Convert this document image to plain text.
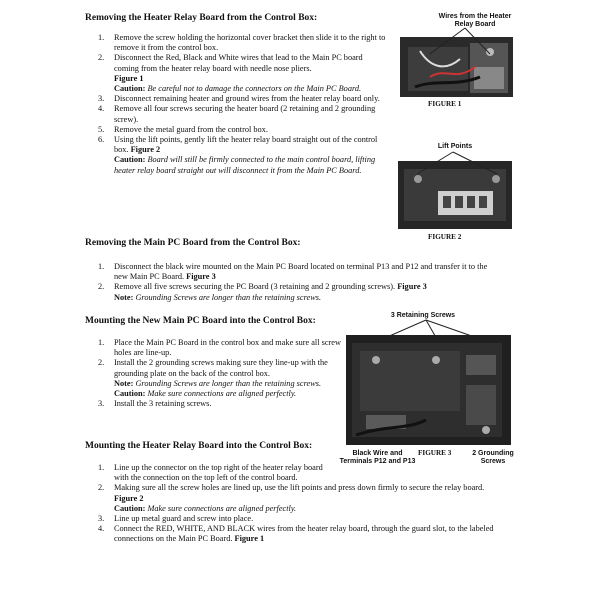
Removing the Heater Relay Board from the Control Box:
1.	Remove the screw holding the horizontal cover bracket then slide it to the right to remove it from the control box.
2.	Disconnect the Red, Black and White wires that lead to the Main PC board coming from the heater relay board with needle nose pliers.
Figure 1
Caution: Be careful not to damage the connectors on the Main PC Board.
3.	Disconnect remaining heater and ground wires from the heater relay board only.
4.	Remove all four screws securing the heater board (2 retaining and 2 grounding screw).
5.	Remove the metal guard from the control box.
6.	Using the lift points, gently lift the heater relay board straight out of the control box. Figure 2
Caution: Board will still be firmly connected to the main control board, lifting heater relay board straight out will disconnect it from the Main PC Board.
Wires from the Heater
Relay Board
FIGURE 1
Lift Points
FIGURE 2
Removing the Main PC Board from the Control Box:
1.	Disconnect the black wire mounted on the Main PC Board located on terminal P13 and P12 and transfer it to the new Main PC Board. Figure 3
2.	Remove all five screws securing the PC Board (3 retaining and 2 grounding screws). Figure 3
Note: Grounding Screws are longer than the retaining screws.
Mounting the New Main PC Board into the Control Box:
1.	Place the Main PC Board in the control box and make sure all screw holes are line-up.
2.	Install the 2 grounding screws making sure they line-up with the grounding plate on the back of the control box.
Note: Grounding Screws are longer than the retaining screws.
Caution: Make sure connections are aligned perfectly.
3.	Install the 3 retaining screws.
3 Retaining Screws
Black Wire and
Terminals P12 and P13
FIGURE 3	2 Grounding
Screws
Mounting the Heater Relay Board into the Control Box:
1.	Line up the connector on the top right of the heater relay board with the connection on the top left of the control board.
2.	Making sure all the screw holes are lined up, use the lift points and press down firmly to secure the relay board. Figure 2
Caution: Make sure connections are aligned perfectly.
3.	Line up metal guard and screw into place.
4.	Connect the RED, WHITE, AND BLACK wires from the heater relay board, through the guard slot, to the labeled connections on the Main PC Board. Figure 1
